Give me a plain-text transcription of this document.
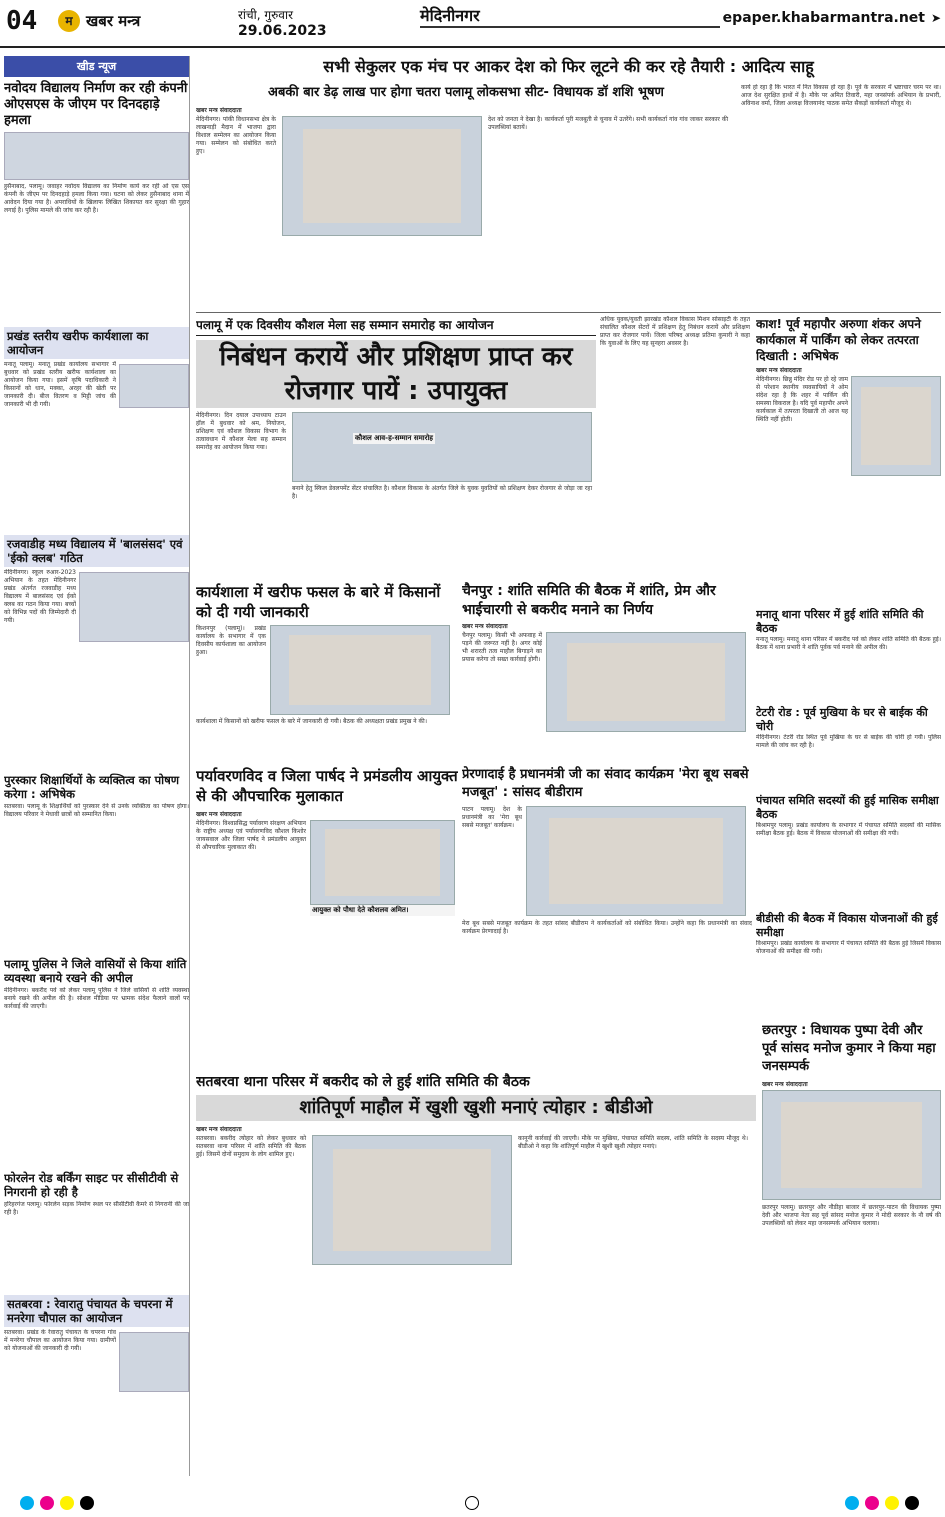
04	म खबर मन्त्र	रांची, गुरुवार
29.06.2023
मेदिनीनगर	epaper.khabarmantra.net ➤
खीड न्यूज
नवोदय विद्यालय निर्माण कर रही कंपनी ओएसएस के जीएम पर दिनदहाड़े हमला
हुसैनाबाद, पलामू। जवाहर नवोदय विद्यालय का निर्माण कार्य कर रही ओ एस एस कंपनी के जीएम पर दिनदहाड़े हमला किया गया। घटना को लेकर हुसैनाबाद थाना में आवेदन दिया गया है। अपराधियों के खिलाफ लिखित शिकायत कर सुरक्षा की गुहार लगाई है। पुलिस मामले की जांच कर रही है।
प्रखंड स्तरीय खरीफ कार्यशाला का आयोजन
मनातू पलामू। मनातू प्रखंड कार्यालय सभागार में बुधवार को प्रखंड स्तरीय खरीफ कार्यशाला का आयोजन किया गया। इसमें कृषि पदाधिकारी ने किसानों को धान, मक्का, अरहर की खेती पर जानकारी दी। बीज वितरण व मिट्टी जांच की जानकारी भी दी गयी।
रजवाडीह मध्य विद्यालय में 'बालसंसद' एवं 'ईको क्लब' गठित
मेदिनीनगर। स्कूल रुआर-2023 अभियान के तहत मेदिनीनगर प्रखंड अंतर्गत रजवाडीह मध्य विद्यालय में बालसंसद एवं ईको क्लब का गठन किया गया। बच्चों को विभिन्न पदों की जिम्मेदारी दी गयी।
पुरस्कार शिक्षार्थियों के व्यक्तित्व का पोषण करेगा : अभिषेक
सतबरवा। पलामू के शिक्षार्थियों को पुरस्कार देने से उनके व्यक्तित्व का पोषण होगा। विद्यालय परिवार ने मेधावी छात्रों को सम्मानित किया।
पलामू पुलिस ने जिले वासियों से किया शांति व्यवस्था बनाये रखने की अपील
मेदिनीनगर। बकरीद पर्व को लेकर पलामू पुलिस ने जिले वासियों से शांति व्यवस्था बनाये रखने की अपील की है। सोशल मीडिया पर भ्रामक संदेश फैलाने वालों पर कार्रवाई की जाएगी।
फोरलेन रोड बर्किंग साइट पर सीसीटीवी से निगरानी हो रही है
हरिहरगंज पलामू। फोरलेन सड़क निर्माण स्थल पर सीसीटीवी कैमरे से निगरानी की जा रही है।
सतबरवा : रेवारातु पंचायत के चपरना में मनरेगा चौपाल का आयोजन
सतबरवा। प्रखंड के रेवारातु पंचायत के चपरना गांव में मनरेगा चौपाल का आयोजन किया गया। ग्रामीणों को योजनाओं की जानकारी दी गयी।
सभी सेकुलर एक मंच पर आकर देश को फिर लूटने की कर रहे तैयारी : आदित्य साहू
अबकी बार डेढ़ लाख पार होगा चतरा पलामू लोकसभा सीट- विधायक डॉ शशि भूषण
खबर मन्त्र संवाददाता
मेदिनीनगर। पांकी विधानसभा क्षेत्र के लाखनाड़ी मैदान में भाजपा द्वारा विशाल सम्मेलन का आयोजन किया गया। सम्मेलन को संबोधित करते हुए।
देश को जनता ने देखा है। कार्यकर्ता पूरी मजबूती से चुनाव में उतरेंगे। सभी कार्यकर्ता गांव गांव जाकर सरकार की उपलब्धियां बतायें।
कार्य हो रहा है कि भारत में नित विकास हो रहा है। पूर्व के सरकार में भ्रष्टाचार चरम पर था। आज देश सुरक्षित हाथों में है। मौके पर अमित तिवारी, महा जनसंपर्क अभियान के प्रभारी, अविनाश वर्मा, जिला अध्यक्ष विजयानंद पाठक समेत सैकड़ों कार्यकर्ता मौजूद थे।
पलामू में एक दिवसीय कौशल मेला सह सम्मान समारोह का आयोजन
निबंधन करायें और प्रशिक्षण प्राप्त कर रोजगार पायें : उपायुक्त
मेदिनीनगर। दिन दयाल उपाध्याय टाउन हॉल में बुधवार को श्रम, नियोजन, प्रशिक्षण एवं कौशल विकास विभाग के तत्वावधान में कौशल मेला सह सम्मान समारोह का आयोजन किया गया।
कौशल आव-ह-सम्मान समारोह
बनाने हेतु स्किल डेवलपमेंट सेंटर संचालित है। कौशल विकास के अंतर्गत जिले के युवक युवतियों को प्रशिक्षण देकर रोजगार से जोड़ा जा रहा है।
अधिक युवक/युवती झारखंड कौशल विकास मिशन सोसाइटी के तहत संचालित कौशल सेंटरों में प्रशिक्षण हेतु निबंधन करायें और प्रशिक्षण प्राप्त कर रोजगार पायें। जिला परिषद अध्यक्ष प्रतिमा कुमारी ने कहा कि युवाओं के लिए यह सुनहरा अवसर है।
काश! पूर्व महापौर अरुणा शंकर अपने कार्यकाल में पार्किंग को लेकर तत्परता दिखाती : अभिषेक
खबर मन्त्र संवाददाता
मेदिनीनगर। छिन्नु मंदिर रोड पर हो रहे जाम से परेशान स्थानीय व्यवसायियों ने ओम संदेश रहा है कि शहर में पार्किंग की समस्या विकराल है। यदि पूर्व महापौर अपने कार्यकाल में तत्परता दिखाती तो आज यह स्थिति नहीं होती।
कार्यशाला में खरीफ फसल के बारे में किसानों को दी गयी जानकारी
किशनपुर (पलामू)। प्रखंड कार्यालय के सभागार में एक दिवसीय कार्यशाला का आयोजन हुआ।
कार्यशाला में किसानों को खरीफ फसल के बारे में जानकारी दी गयी। बैठक की अध्यक्षता प्रखंड प्रमुख ने की।
चैनपुर : शांति समिति की बैठक में शांति, प्रेम और भाईचारगी से बकरीद मनाने का निर्णय
खबर मन्त्र संवाददाता
चैनपुर पलामू। किसी भी अफवाह में पड़ने की जरूरत नहीं है। अगर कोई भी शरारती तत्व माहौल बिगाड़ने का प्रयास करेगा तो सख्त कार्रवाई होगी।
मनातू थाना परिसर में हुई शांति समिति की बैठक
मनातू पलामू। मनातू थाना परिसर में बकरीद पर्व को लेकर शांति समिति की बैठक हुई। बैठक में थाना प्रभारी ने शांति पूर्वक पर्व मनाने की अपील की।
टेटरी रोड : पूर्व मुखिया के घर से बाईक की चोरी
मेदिनीनगर। टेटरी रोड स्थित पूर्व मुखिया के घर से बाईक की चोरी हो गयी। पुलिस मामले की जांच कर रही है।
पंचायत समिति सदस्यों की हुई मासिक समीक्षा बैठक
बिश्रामपुर पलामू। प्रखंड कार्यालय के सभागार में पंचायत समिति सदस्यों की मासिक समीक्षा बैठक हुई। बैठक में विकास योजनाओं की समीक्षा की गयी।
बीडीसी की बैठक में विकास योजनाओं की हुई समीक्षा
विश्रामपुर। प्रखंड कार्यालय के सभागार में पंचायत समिति की बैठक हुई जिसमें विकास योजनाओं की समीक्षा की गयी।
पर्यावरणविद व जिला पार्षद ने प्रमंडलीय आयुक्त से की औपचारिक मुलाकात
खबर मन्त्र संवाददाता
मेदिनीनगर। विश्वप्रसिद्ध पर्यावरण संरक्षण अभियान के राष्ट्रीय अध्यक्ष एवं पर्यावरणविद कौशल किशोर जायसवाल और जिला पार्षद ने प्रमंडलीय आयुक्त से औपचारिक मुलाकात की।
आयुक्त को पौधा देते कौशलव अमित।
प्रेरणादाई है प्रधानमंत्री जी का संवाद कार्यक्रम 'मेरा बूथ सबसे मजबूत' : सांसद बीडीराम
पाटन पलामू। देश के प्रधानमंत्री का 'मेरा बूथ सबसे मजबूत' कार्यक्रम।
मेरा बूथ सबसे मजबूत कार्यक्रम के तहत सांसद बीडीराम ने कार्यकर्ताओं को संबोधित किया। उन्होंने कहा कि प्रधानमंत्री का संवाद कार्यक्रम प्रेरणादाई है।
सतबरवा थाना परिसर में बकरीद को ले हुई शांति समिति की बैठक
शांतिपूर्ण माहौल में खुशी खुशी मनाएं त्योहार : बीडीओ
खबर मन्त्र संवाददाता
सतबरवा। बकरीद त्योहार को लेकर बुधवार को सतबरवा थाना परिसर में शांति समिति की बैठक हुई। जिसमें दोनों समुदाय के लोग शामिल हुए।
कानूनी कार्रवाई की जाएगी। मौके पर मुखिया, पंचायत समिति सदस्य, शांति समिति के सदस्य मौजूद थे। बीडीओ ने कहा कि शांतिपूर्ण माहौल में खुशी खुशी त्योहार मनाएं।
छतरपुर : विधायक पुष्पा देवी और पूर्व सांसद मनोज कुमार ने किया महा जनसम्पर्क
खबर मन्त्र संवाददाता
छतरपुर पलामू। छतरपुर और नौडीहा बाजार में छतरपुर-पाटन की विधायक पुष्पा देवी और भाजपा नेता सह पूर्व सांसद मनोज कुमार ने मोदी सरकार के नौ वर्ष की उपलब्धियों को लेकर महा जनसम्पर्क अभियान चलाया।
